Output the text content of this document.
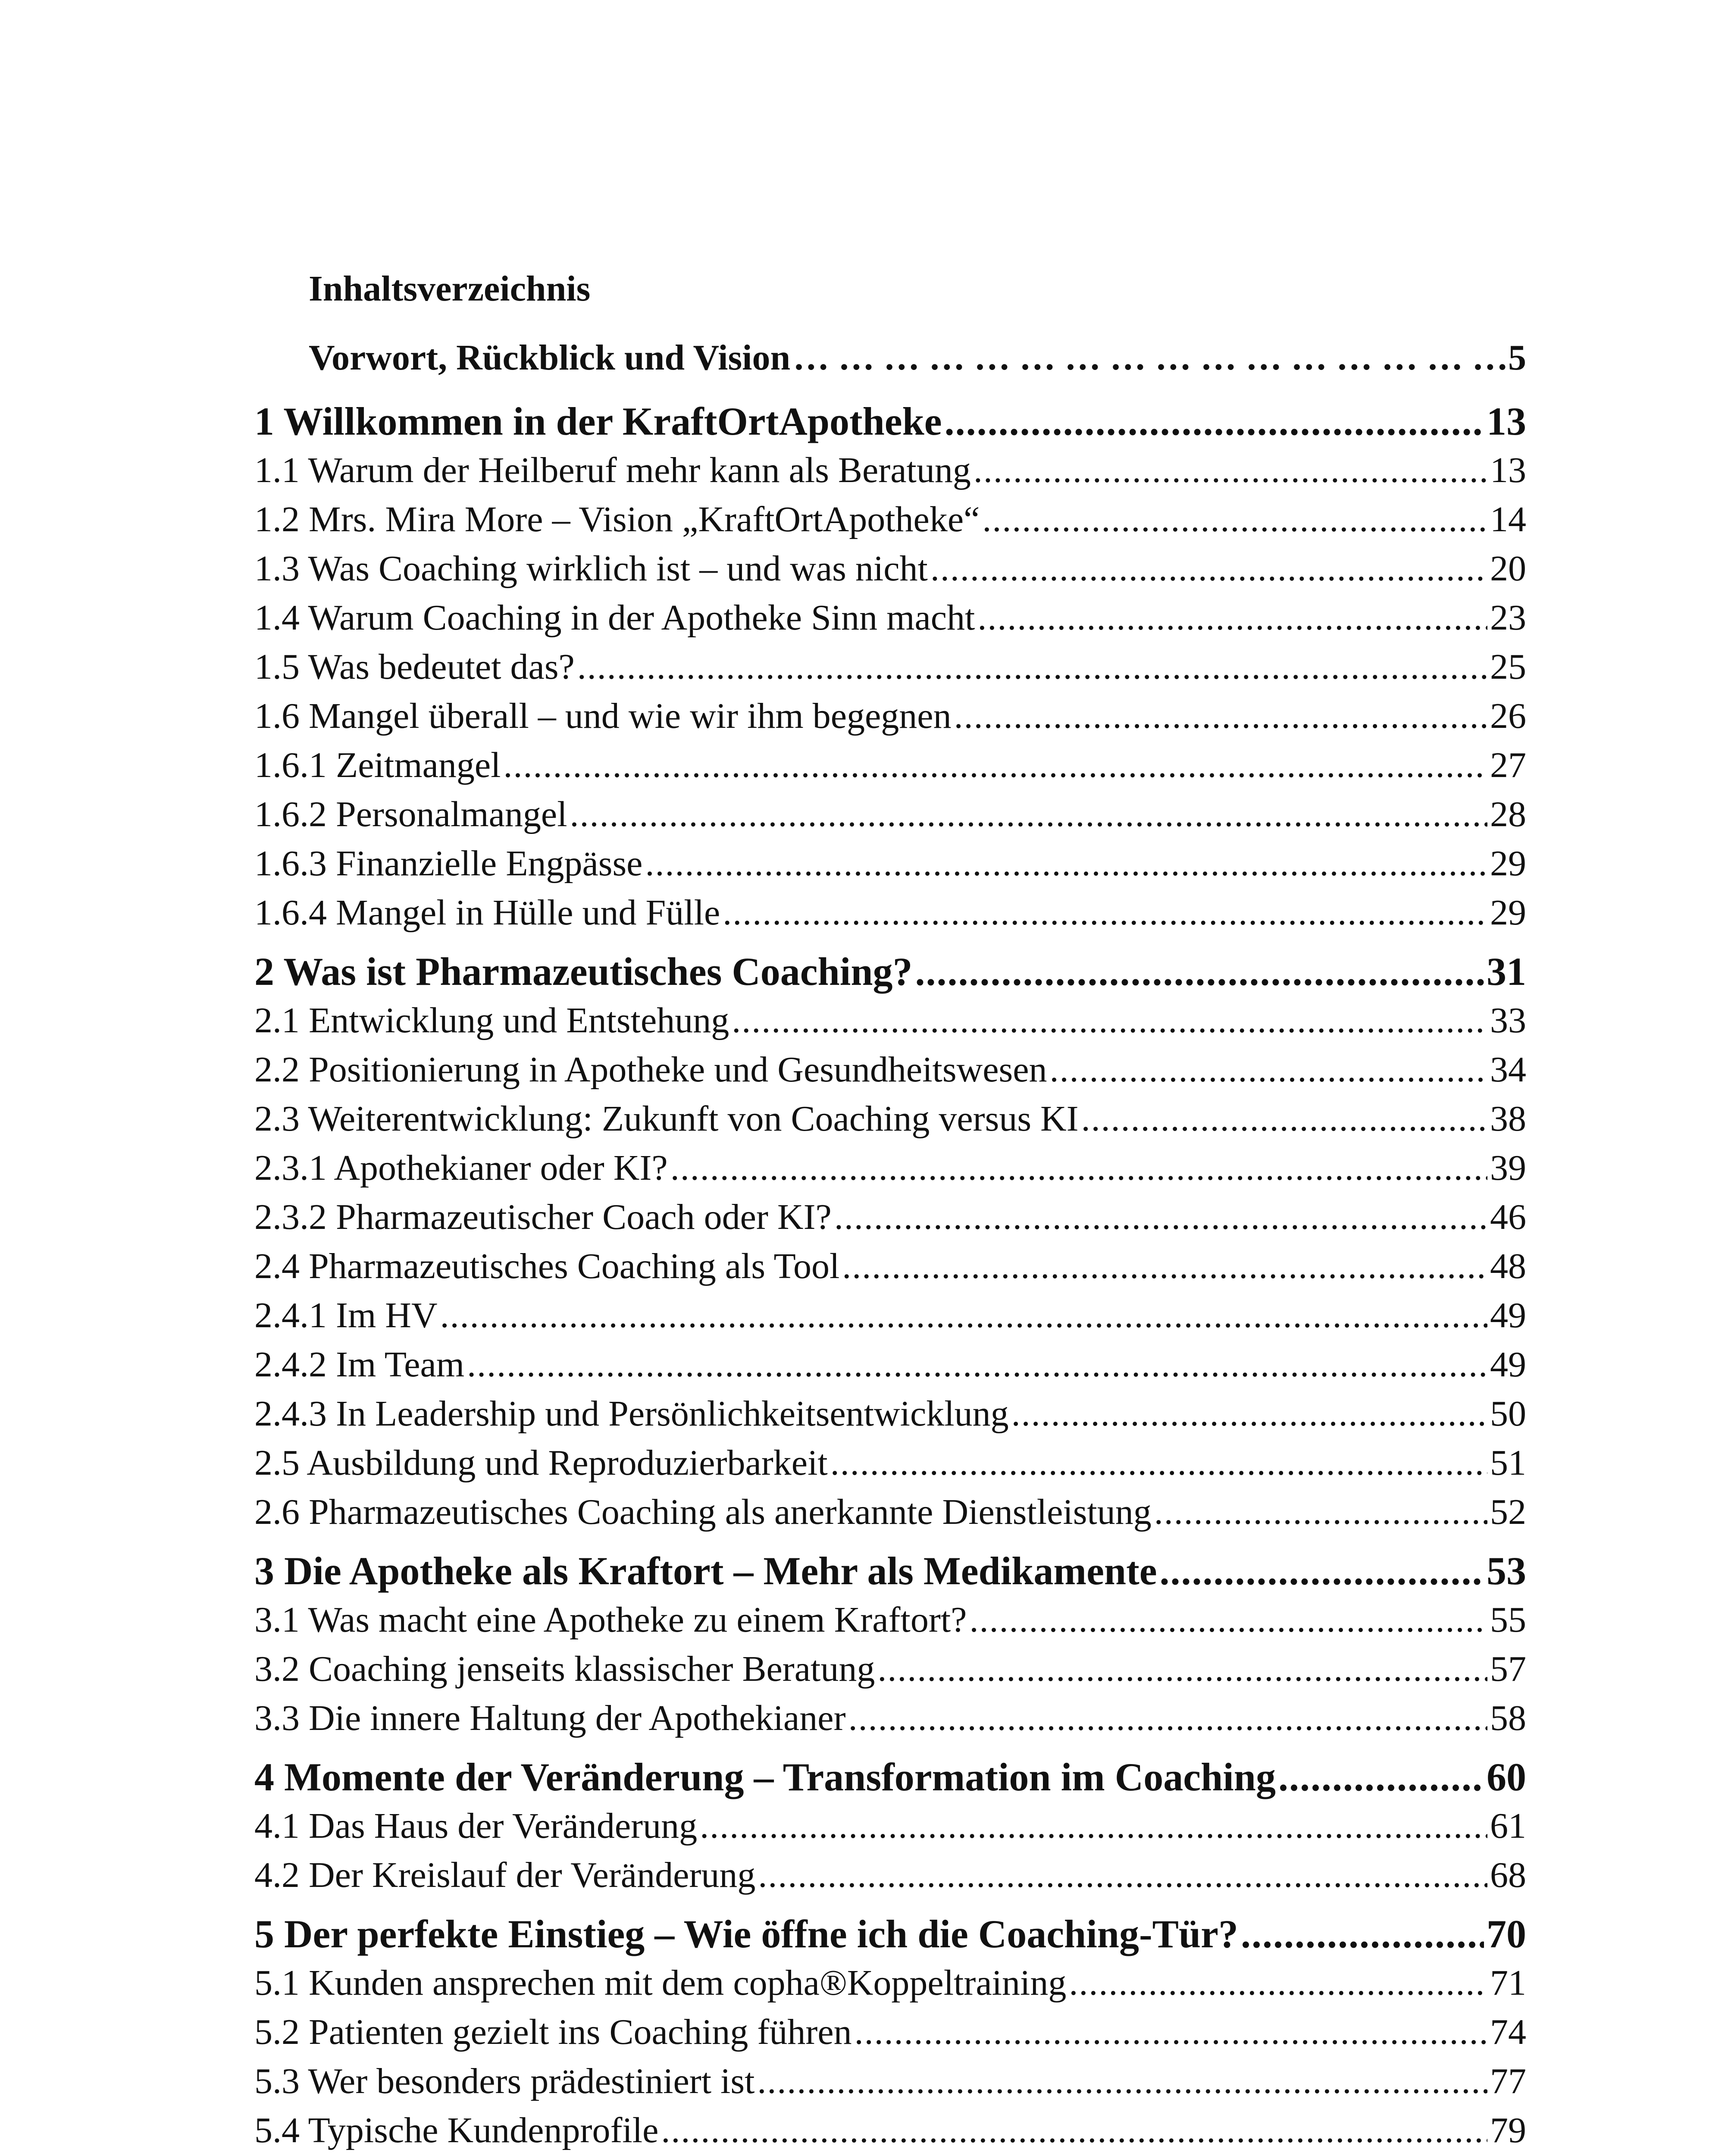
Inhaltsverzeichnis
Vorwort, Rückblick und Vision … … … … … … … … … … … … … … … … … … … … … … … … … … … … … … … … … … … … … … … … … … … … … … … … … … … … … … … … … … … …	5
1 Willkommen in der KraftOrtApotheke .....	13
1.1 Warum der Heilberuf mehr kann als Beratung .....	13
1.2 Mrs. Mira More – Vision „KraftOrtApotheke“ .....	14
1.3 Was Coaching wirklich ist – und was nicht .....	20
1.4 Warum Coaching in der Apotheke Sinn macht .....	23
1.5 Was bedeutet das? .....	25
1.6 Mangel überall – und wie wir ihm begegnen .....	26
1.6.1 Zeitmangel .....	27
1.6.2 Personalmangel .....	28
1.6.3 Finanzielle Engpässe .....	29
1.6.4 Mangel in Hülle und Fülle .....	29
2 Was ist Pharmazeutisches Coaching? .....	31
2.1 Entwicklung und Entstehung .....	33
2.2 Positionierung in Apotheke und Gesundheitswesen .....	34
2.3 Weiterentwicklung: Zukunft von Coaching versus KI .....	38
2.3.1 Apothekianer oder KI? .....	39
2.3.2 Pharmazeutischer Coach oder KI? .....	46
2.4 Pharmazeutisches Coaching als Tool .....	48
2.4.1 Im HV .....	49
2.4.2 Im Team .....	49
2.4.3 In Leadership und Persönlichkeitsentwicklung .....	50
2.5 Ausbildung und Reproduzierbarkeit .....	51
2.6 Pharmazeutisches Coaching als anerkannte Dienstleistung .....	52
3 Die Apotheke als Kraftort – Mehr als Medikamente .....	53
3.1 Was macht eine Apotheke zu einem Kraftort? .....	55
3.2 Coaching jenseits klassischer Beratung .....	57
3.3 Die innere Haltung der Apothekianer .....	58
4 Momente der Veränderung – Transformation im Coaching .....	60
4.1 Das Haus der Veränderung .....	61
4.2 Der Kreislauf der Veränderung .....	68
5 Der perfekte Einstieg – Wie öffne ich die Coaching-Tür? .....	70
5.1 Kunden ansprechen mit dem copha®Koppeltraining .....	71
5.2 Patienten gezielt ins Coaching führen .....	74
5.3 Wer besonders prädestiniert ist .....	77
5.4 Typische Kundenprofile .....	79
